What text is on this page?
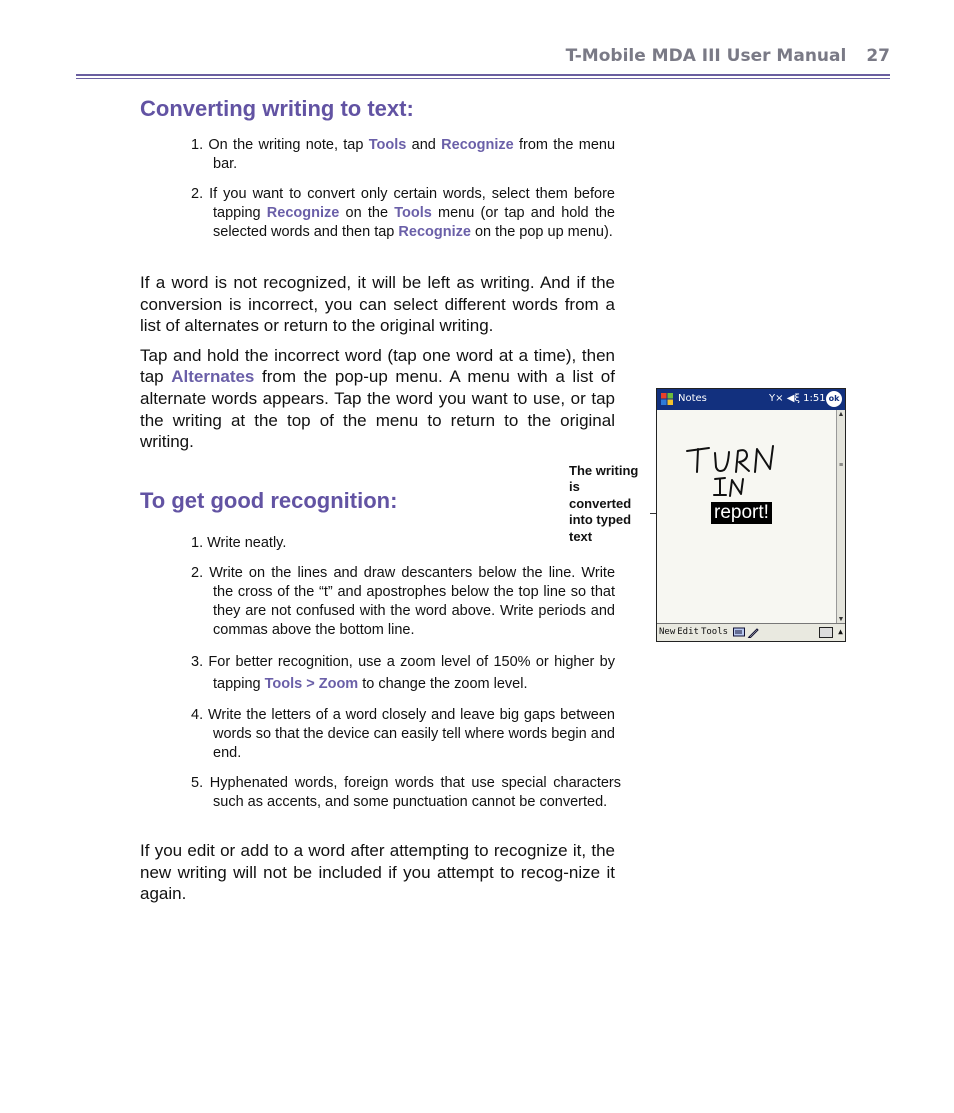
T-Mobile MDA III User Manual 27
Converting writing to text:

1. On the writing note, tap Tools and Recognize from the menu bar.

2. If you want to convert only certain words, select them before tapping Recognize on the Tools menu (or tap and hold the selected words and then tap Recognize on the pop up menu).

If a word is not recognized, it will be left as writing. And if the conversion is incorrect, you can select different words from a list of alternates or return to the original writing.

Tap and hold the incorrect word (tap one word at a time), then tap Alternates from the pop-up menu. A menu with a list of alternate words appears. Tap the word you want to use, or tap the writing at the top of the menu to return to the original writing.

To get good recognition:

1. Write neatly.

2. Write on the lines and draw descanters below the line. Write the cross of the “t” and apostrophes below the top line so that they are not confused with the word above. Write periods and commas above the bottom line.

3. For better recognition, use a zoom level of 150% or higher by tapping Tools > Zoom to change the zoom level.

4. Write the letters of a word closely and leave big gaps between words so that the device can easily tell where words begin and end.

5. Hyphenated words, foreign words that use special characters such as accents, and some punctuation cannot be converted.

If you edit or add to a word after attempting to recognize it, the new writing will not be included if you attempt to recog-nize it again.

The writing is converted into typed text
Notes	Y× ◀ξ 1:51 ok
report!
▲
≡
▼
New Edit Tools	▲
